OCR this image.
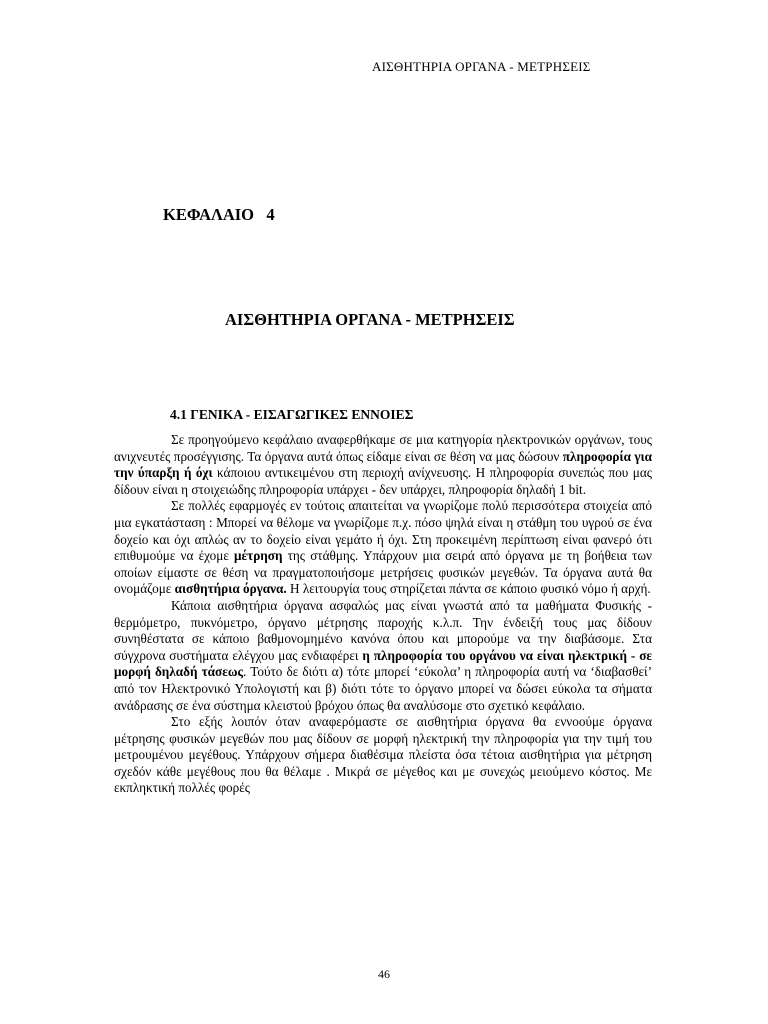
ΑΙΣΘΗΤΗΡΙΑ ΟΡΓΑΝΑ - ΜΕΤΡΗΣΕΙΣ
ΚΕΦΑΛΑΙΟ   4
ΑΙΣΘΗΤΗΡΙΑ ΟΡΓΑΝΑ - ΜΕΤΡΗΣΕΙΣ
4.1 ΓΕΝΙΚΑ - ΕΙΣΑΓΩΓΙΚΕΣ ΕΝΝΟΙΕΣ

Σε προηγούμενο κεφάλαιο αναφερθήκαμε σε μια κατηγορία ηλεκτρονικών οργάνων, τους ανιχνευτές προσέγγισης. Τα όργανα αυτά όπως είδαμε είναι σε θέση να μας δώσουν πληροφορία για την ύπαρξη ή όχι κάποιου αντικειμένου στη περιοχή ανίχνευσης. Η πληροφορία συνεπώς που μας δίδουν είναι η στοιχειώδης πληροφορία υπάρχει - δεν υπάρχει, πληροφορία δηλαδή 1 bit.

Σε πολλές εφαρμογές εν τούτοις απαιτείται να γνωρίζομε πολύ περισσότερα στοιχεία από μια εγκατάσταση : Μπορεί να θέλομε να γνωρίζομε π.χ. πόσο ψηλά είναι η στάθμη του υγρού σε ένα δοχείο και όχι απλώς αν το δοχείο είναι γεμάτο ή όχι. Στη προκειμένη περίπτωση είναι φανερό ότι επιθυμούμε να έχομε μέτρηση της στάθμης. Υπάρχουν μια σειρά από όργανα με τη βοήθεια των οποίων είμαστε σε θέση να πραγματοποιήσομε μετρήσεις φυσικών μεγεθών. Τα όργανα αυτά θα ονομάζομε αισθητήρια όργανα. Η λειτουργία τους στηρίζεται πάντα σε κάποιο φυσικό νόμο ή αρχή.

Κάποια αισθητήρια όργανα ασφαλώς μας είναι γνωστά από τα μαθήματα Φυσικής - θερμόμετρο, πυκνόμετρο, όργανο μέτρησης παροχής κ.λ.π. Την ένδειξή τους μας δίδουν συνηθέστατα σε κάποιο βαθμονομημένο κανόνα όπου και μπορούμε να την διαβάσομε. Στα σύγχρονα συστήματα ελέγχου μας ενδιαφέρει η πληροφορία του οργάνου να είναι ηλεκτρική - σε μορφή δηλαδή τάσεως. Τούτο δε διότι α) τότε μπορεί ‘εύκολα’ η πληροφορία αυτή να ‘διαβασθεί’ από τον Ηλεκτρονικό Υπολογιστή και β) διότι τότε το όργανο μπορεί να δώσει εύκολα τα σήματα ανάδρασης σε ένα σύστημα κλειστού βρόχου όπως θα αναλύσομε στο σχετικό κεφάλαιο.

Στο εξής λοιπόν όταν αναφερόμαστε σε αισθητήρια όργανα θα εννοούμε όργανα μέτρησης φυσικών μεγεθών που μας δίδουν σε μορφή ηλεκτρική την πληροφορία για την τιμή του μετρουμένου μεγέθους. Υπάρχουν σήμερα διαθέσιμα πλείστα όσα τέτοια αισθητήρια για μέτρηση σχεδόν κάθε μεγέθους που θα θέλαμε . Μικρά σε μέγεθος και με συνεχώς μειούμενο κόστος. Με εκπληκτική πολλές φορές

46
